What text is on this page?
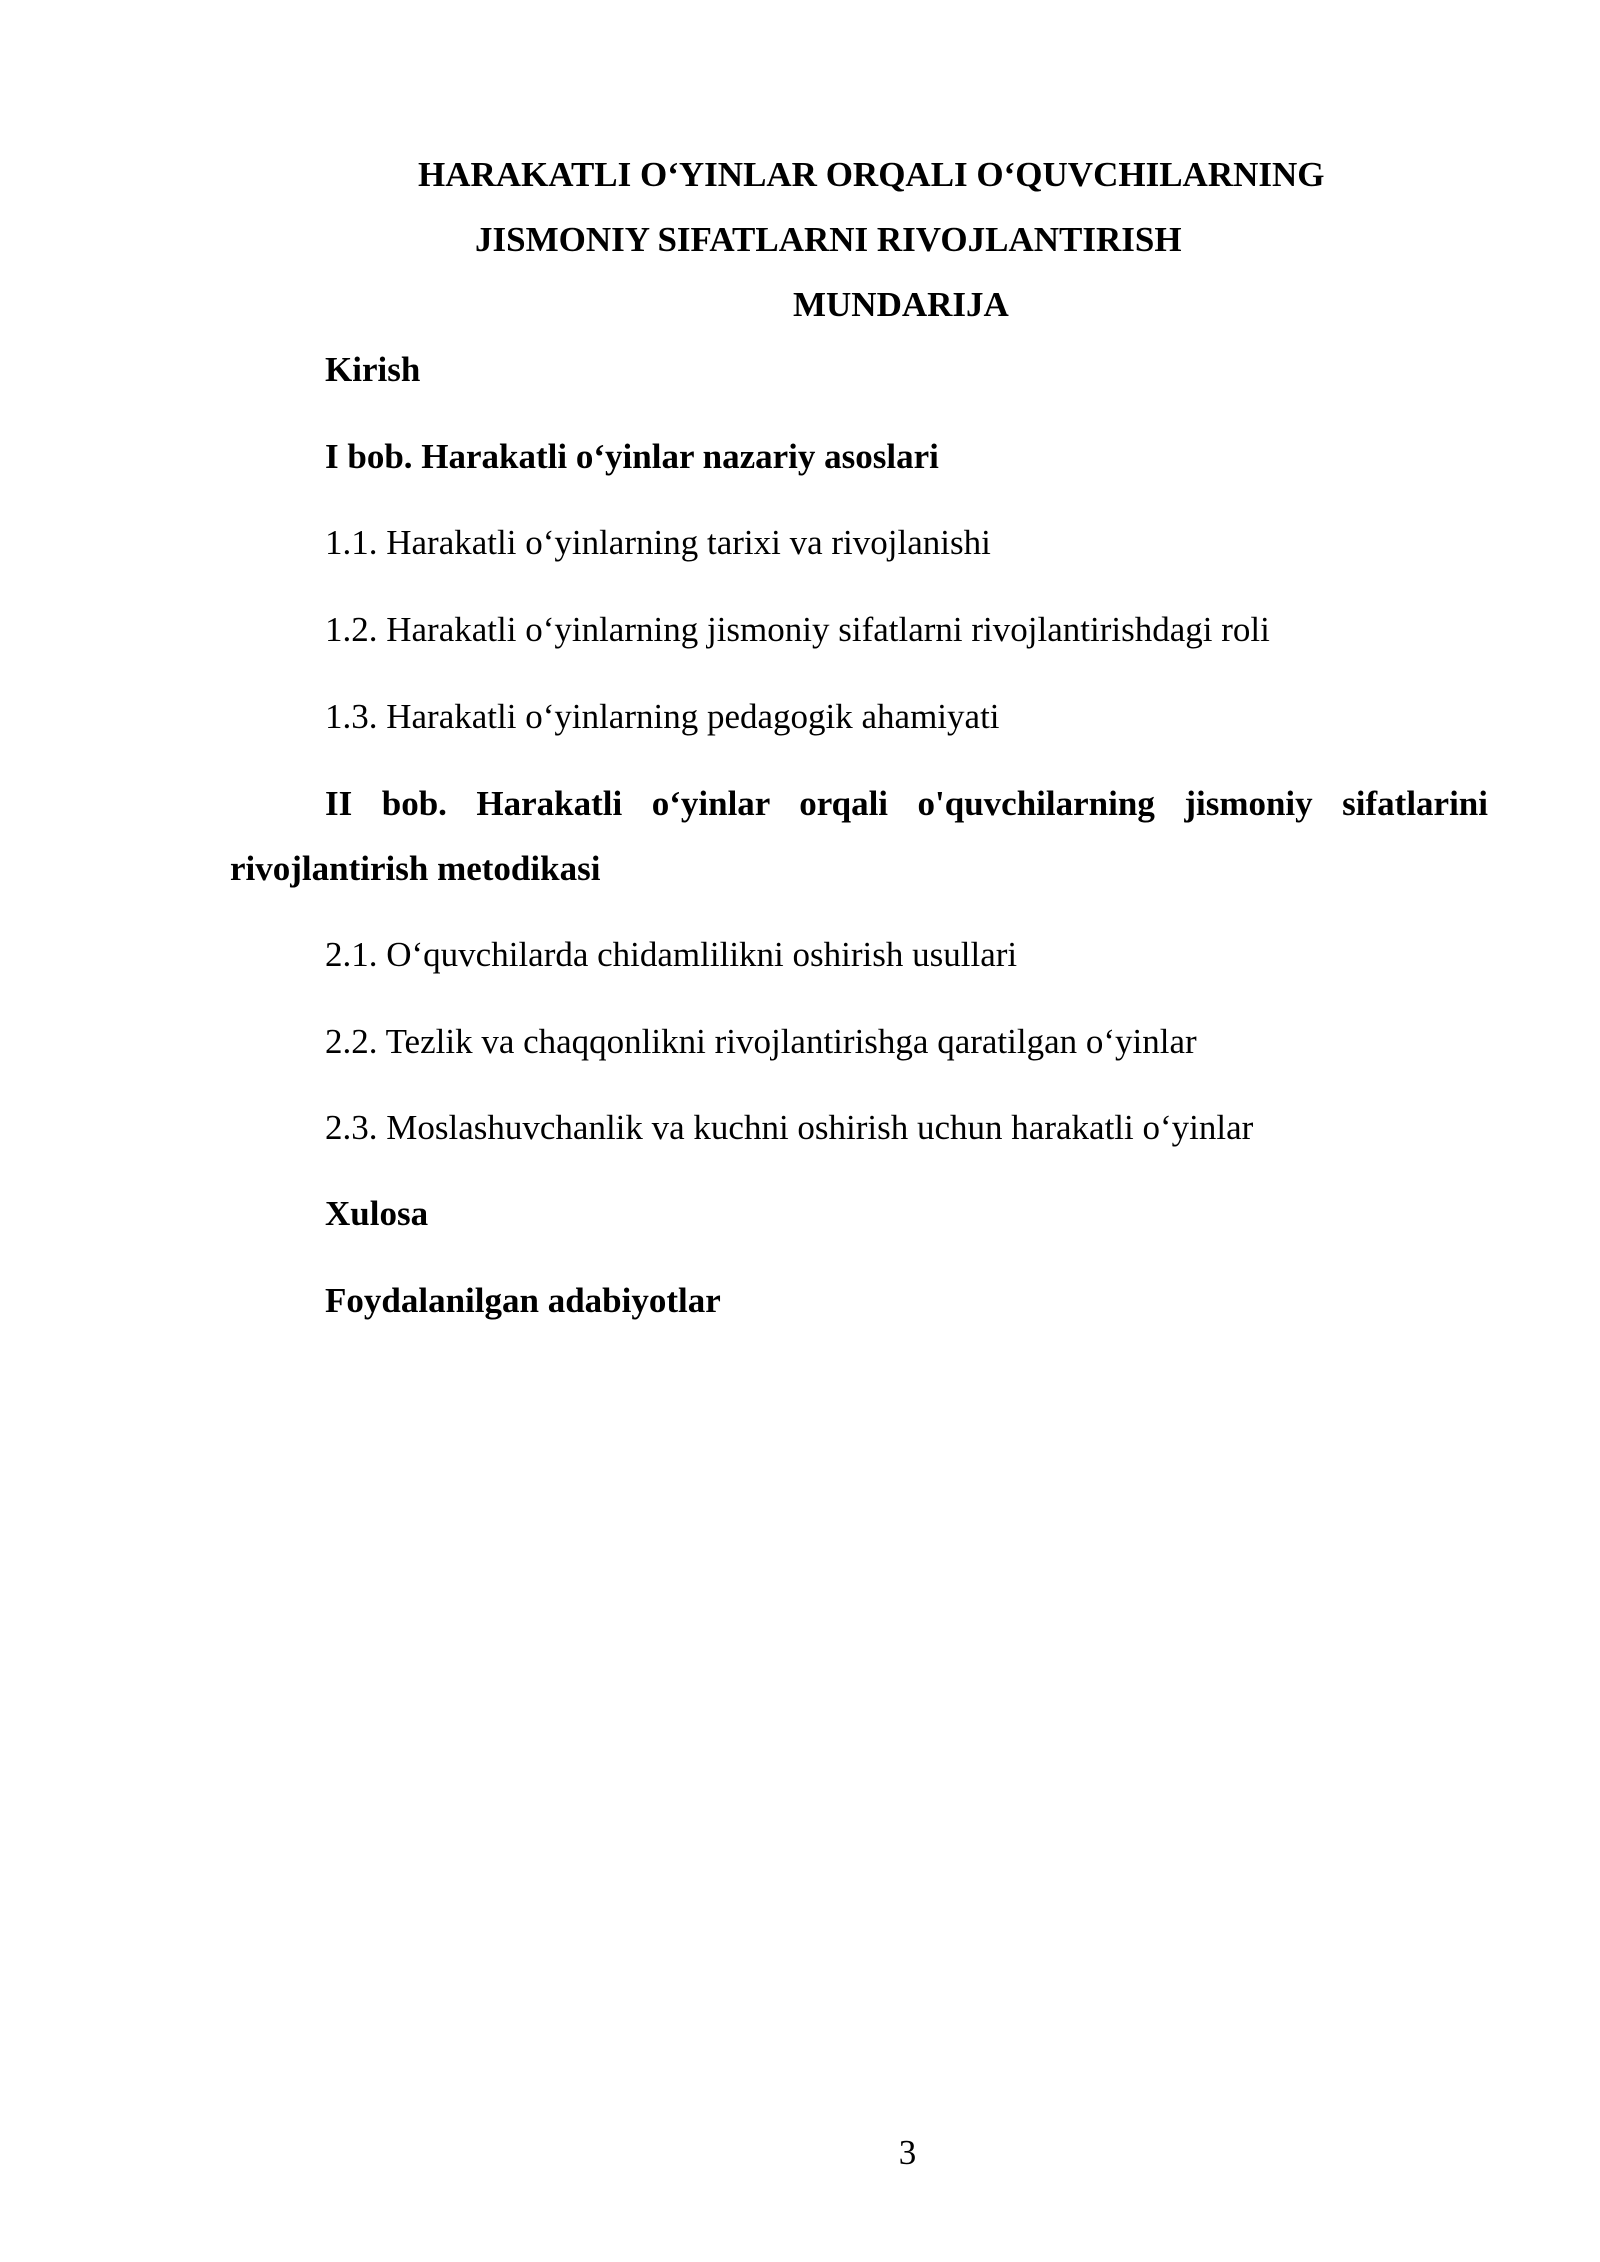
HARAKATLI O‘YINLAR ORQALI O‘QUVCHILARNING
JISMONIY SIFATLARNI RIVOJLANTIRISH
MUNDARIJA
Kirish
I bob. Harakatli o‘yinlar nazariy asoslari
1.1. Harakatli o‘yinlarning tarixi va rivojlanishi
1.2. Harakatli o‘yinlarning jismoniy sifatlarni rivojlantirishdagi roli
1.3. Harakatli o‘yinlarning pedagogik ahamiyati
II bob. Harakatli o‘yinlar orqali o'quvchilarning jismoniy sifatlarini rivojlantirish metodikasi
2.1. O‘quvchilarda chidamlilikni oshirish usullari
2.2. Tezlik va chaqqonlikni rivojlantirishga qaratilgan o‘yinlar
2.3. Moslashuvchanlik va kuchni oshirish uchun harakatli o‘yinlar
Xulosa
Foydalanilgan adabiyotlar
3
